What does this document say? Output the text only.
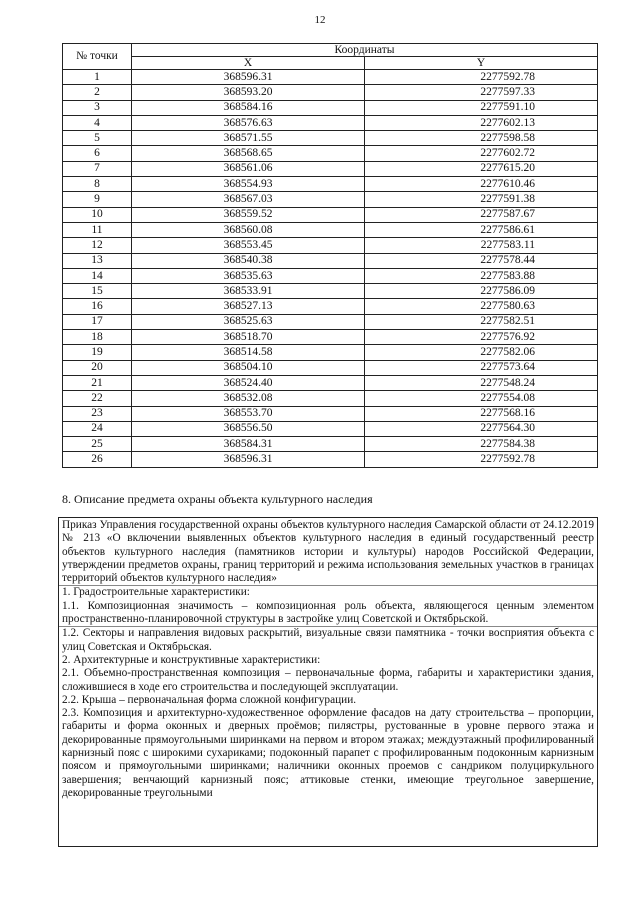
12
№ точки	Координаты	
	X	Y
1	368596.31	2277592.78
2	368593.20	2277597.33
3	368584.16	2277591.10
4	368576.63	2277602.13
5	368571.55	2277598.58
6	368568.65	2277602.72
7	368561.06	2277615.20
8	368554.93	2277610.46
9	368567.03	2277591.38
10	368559.52	2277587.67
11	368560.08	2277586.61
12	368553.45	2277583.11
13	368540.38	2277578.44
14	368535.63	2277583.88
15	368533.91	2277586.09
16	368527.13	2277580.63
17	368525.63	2277582.51
18	368518.70	2277576.92
19	368514.58	2277582.06
20	368504.10	2277573.64
21	368524.40	2277548.24
22	368532.08	2277554.08
23	368553.70	2277568.16
24	368556.50	2277564.30
25	368584.31	2277584.38
26	368596.31	2277592.78
8. Описание предмета охраны объекта культурного наследия

Приказ Управления государственной охраны объектов культурного наследия Самарской области от 24.12.2019 № 213 «О включении выявленных объектов культурного наследия в единый государственный реестр объектов культурного наследия (памятников истории и культуры) народов Российской Федерации, утверждении предметов охраны, границ территорий и режима использования земельных участков в границах территорий объектов культурного наследия»

1. Градостроительные характеристики:

1.1. Композиционная значимость – композиционная роль объекта, являющегося ценным элементом пространственно-планировочной структуры в застройке улиц Советской и Октябрьской.

1.2. Секторы и направления видовых раскрытий, визуальные связи памятника - точки восприятия объекта с улиц Советская и Октябрьская.

2. Архитектурные и конструктивные характеристики:

2.1. Объемно-пространственная композиция – первоначальные форма, габариты и характеристики здания, сложившиеся в ходе его строительства и последующей эксплуатации.

2.2. Крыша – первоначальная форма сложной конфигурации.

2.3. Композиция и архитектурно-художественное оформление фасадов на дату строительства – пропорции, габариты и форма оконных и дверных проёмов; пилястры, рустованные в уровне первого этажа и декорированные прямоугольными ширинками на первом и втором этажах; междуэтажный профилированный карнизный пояс с широкими сухариками; подоконный парапет с профилированным подоконным карнизным поясом и прямоугольными ширинками; наличники оконных проемов с сандриком полуциркульного завершения; венчающий карнизный пояс; аттиковые стенки, имеющие треугольное завершение, декорированные треугольными
